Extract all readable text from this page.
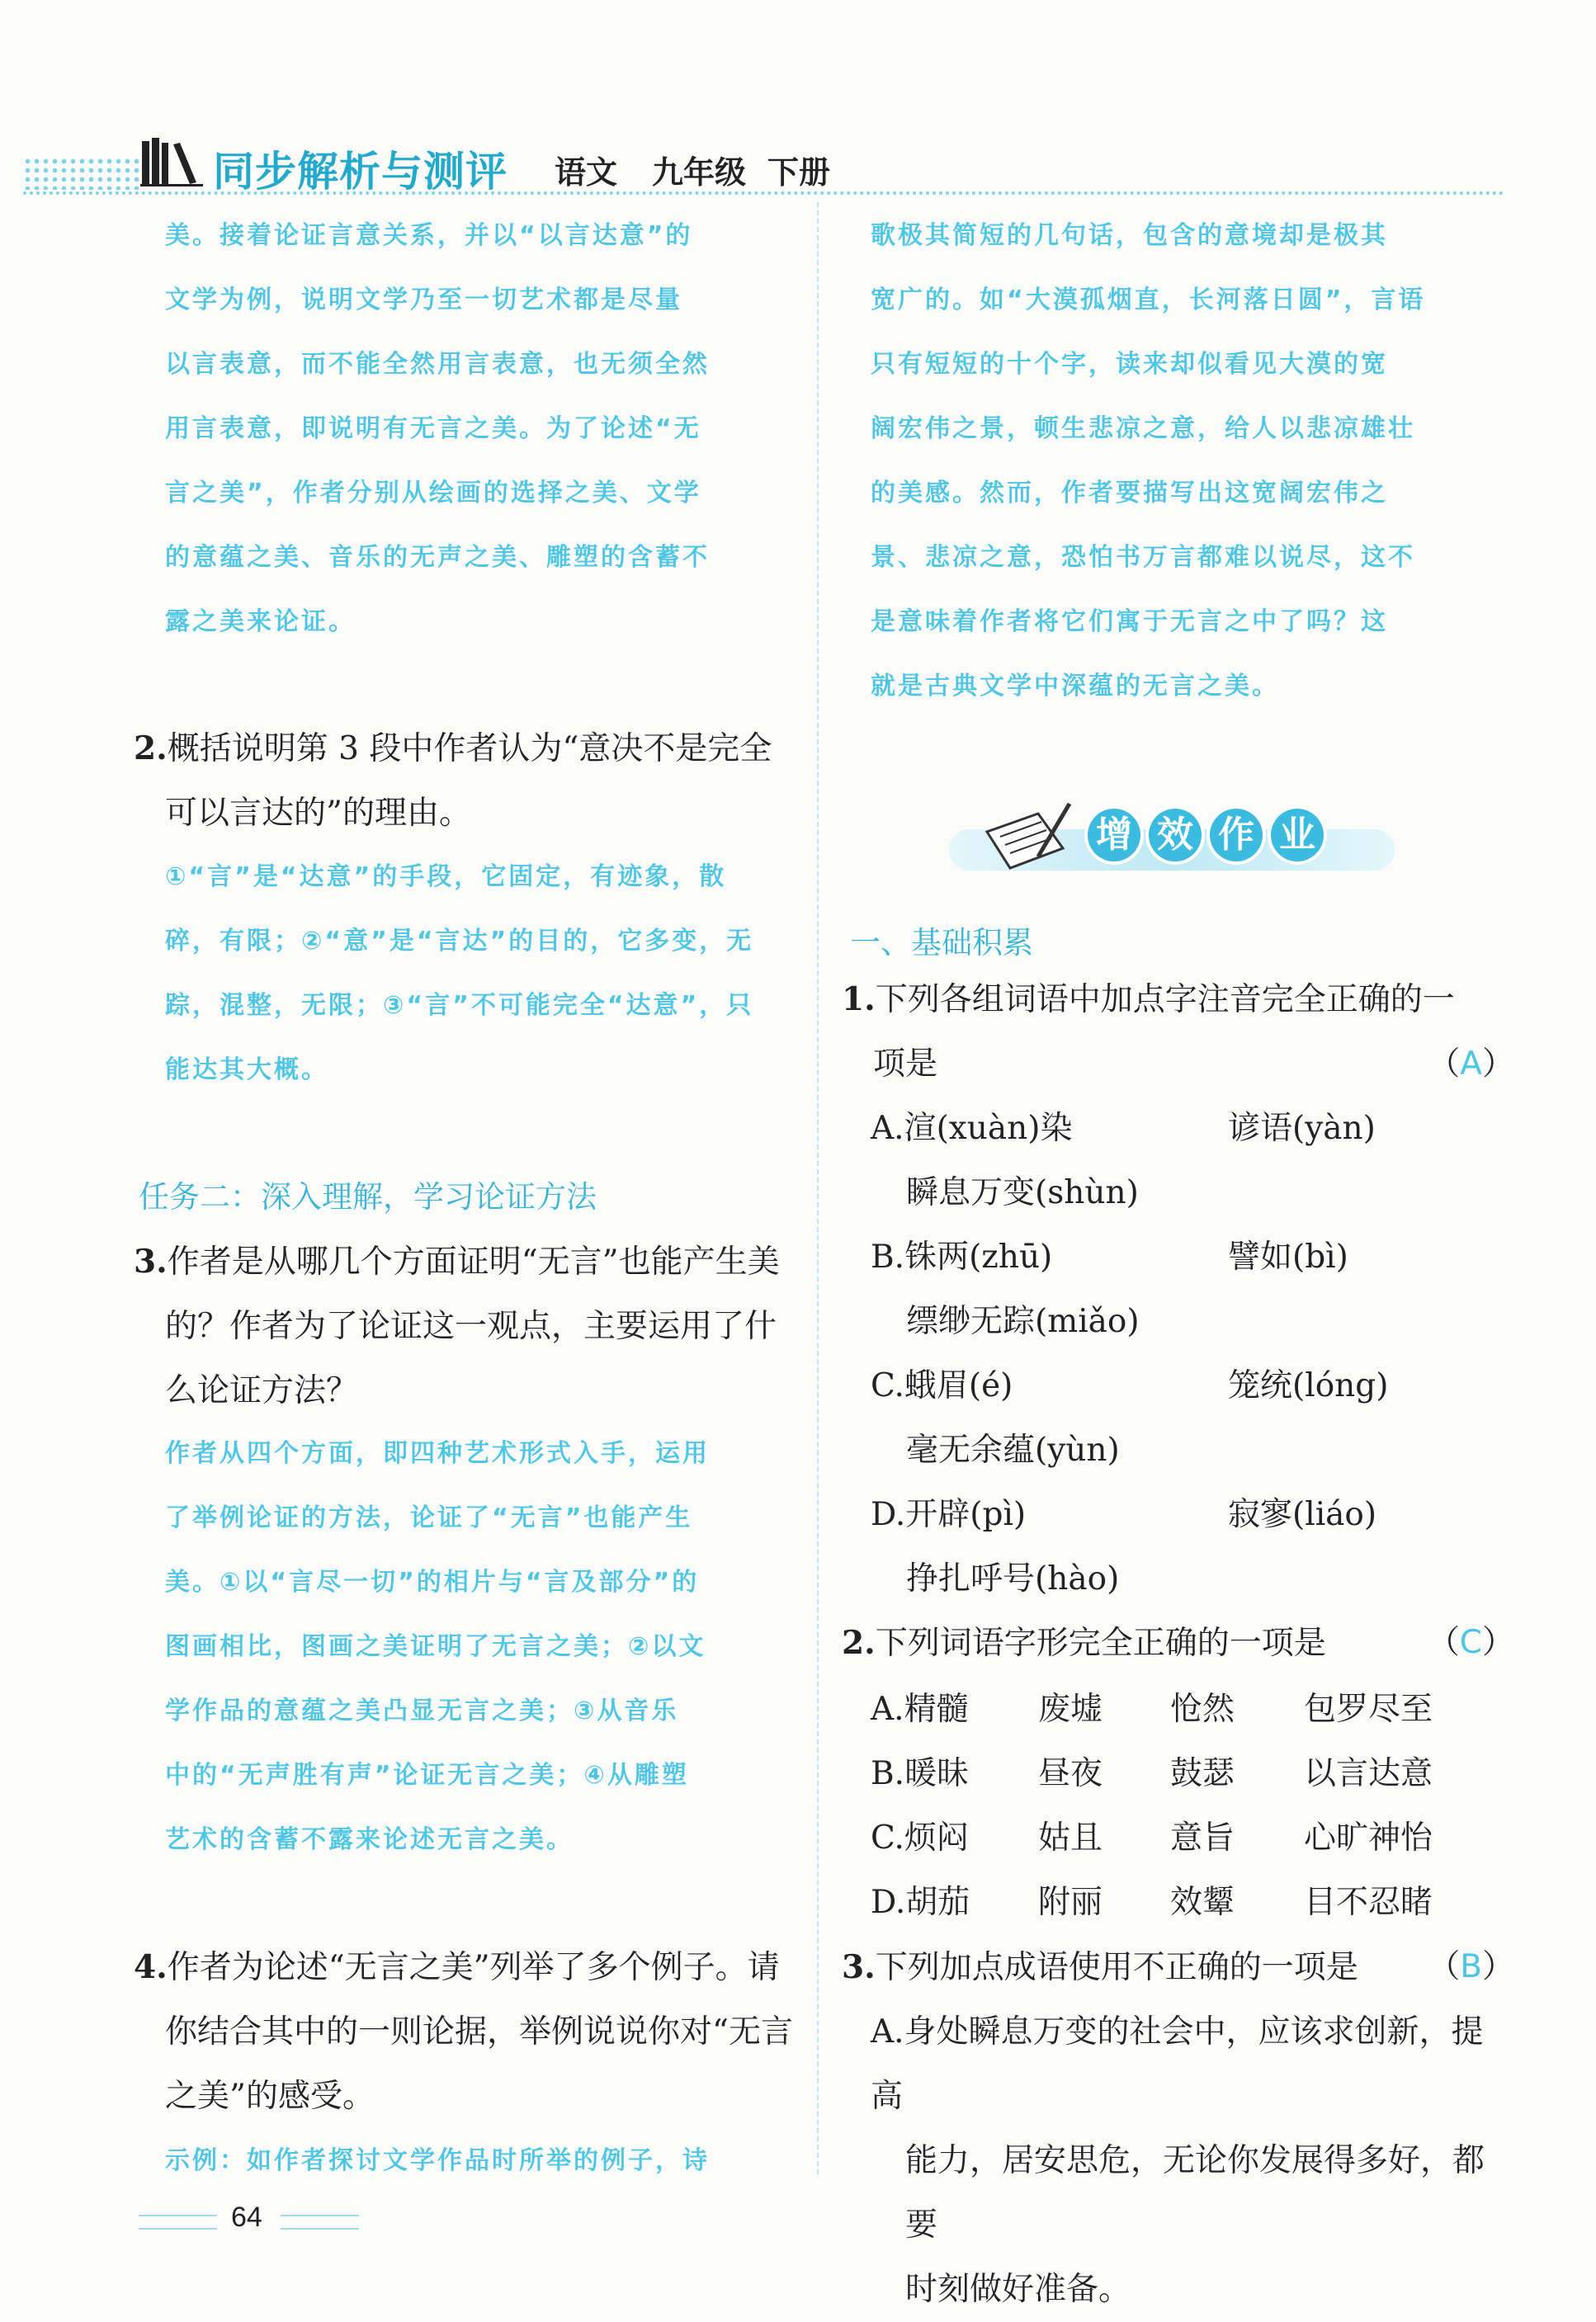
同步解析与测评 语文 九年级 下册

美。接着论证言意关系，并以“以言达意”的

文学为例，说明文学乃至一切艺术都是尽量

以言表意，而不能全然用言表意，也无须全然

用言表意，即说明有无言之美。为了论述“无

言之美”，作者分别从绘画的选择之美、文学

的意蕴之美、音乐的无声之美、雕塑的含蓄不

露之美来论证。

2.概括说明第 3 段中作者认为“意决不是完全

可以言达的”的理由。

①“言”是“达意”的手段，它固定，有迹象，散

碎，有限；②“意”是“言达”的目的，它多变，无

踪，混整，无限；③“言”不可能完全“达意”，只

能达其大概。

任务二：深入理解，学习论证方法

3.作者是从哪几个方面证明“无言”也能产生美

的？作者为了论证这一观点，主要运用了什

么论证方法？

作者从四个方面，即四种艺术形式入手，运用

了举例论证的方法，论证了“无言”也能产生

美。①以“言尽一切”的相片与“言及部分”的

图画相比，图画之美证明了无言之美；②以文

学作品的意蕴之美凸显无言之美；③从音乐

中的“无声胜有声”论证无言之美；④从雕塑

艺术的含蓄不露来论述无言之美。

4.作者为论述“无言之美”列举了多个例子。请

你结合其中的一则论据，举例说说你对“无言

之美”的感受。

示例：如作者探讨文学作品时所举的例子，诗

歌极其简短的几句话，包含的意境却是极其

宽广的。如“大漠孤烟直，长河落日圆”，言语

只有短短的十个字，读来却似看见大漠的宽

阔宏伟之景，顿生悲凉之意，给人以悲凉雄壮

的美感。然而，作者要描写出这宽阔宏伟之

景、悲凉之意，恐怕书万言都难以说尽，这不

是意味着作者将它们寓于无言之中了吗？这

就是古典文学中深蕴的无言之美。

增 效 作 业
一、基础积累

1.下列各组词语中加点字注音完全正确的一

项是	（A）

A.渲(xuàn)染	谚语(yàn)
瞬息万变(shùn)
B.铢两(zhū)	譬如(bì)
缥缈无踪(miǎo)
C.蛾眉(é)	笼统(lóng)
毫无余蕴(yùn)
D.开辟(pì)	寂寥(liáo)
挣扎呼号(hào)

2.下列词语字形完全正确的一项是	（C）

A.精髓 废墟 怆然 包罗尽至
B.暖昧 昼夜 鼓瑟 以言达意
C.烦闷 姑且 意旨 心旷神怡
D.胡茄 附丽 效颦 目不忍睹

3.下列加点成语使用不正确的一项是 （B）

A.身处瞬息万变的社会中，应该求创新，提高

能力，居安思危，无论你发展得多好，都要

时刻做好准备。

64
